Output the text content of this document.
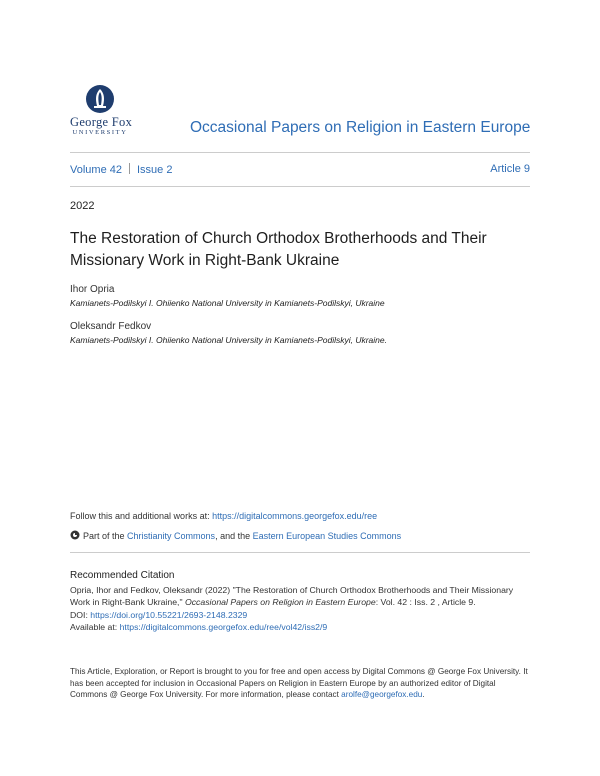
George Fox
UNIVERSITY	Occasional Papers on Religion in Eastern Europe
Volume 42 Issue 2	Article 9
2022
The Restoration of Church Orthodox Brotherhoods and Their Missionary Work in Right-Bank Ukraine
Ihor Opria
Kamianets-Podilskyi I. Ohiienko National University in Kamianets-Podilskyi, Ukraine
Oleksandr Fedkov
Kamianets-Podilskyi I. Ohiienko National University in Kamianets-Podilskyi, Ukraine.
Follow this and additional works at: https://digitalcommons.georgefox.edu/ree
Part of the Christianity Commons, and the Eastern European Studies Commons
Recommended Citation
Opria, Ihor and Fedkov, Oleksandr (2022) "The Restoration of Church Orthodox Brotherhoods and Their Missionary Work in Right-Bank Ukraine," Occasional Papers on Religion in Eastern Europe: Vol. 42 : Iss. 2 , Article 9.
DOI: https://doi.org/10.55221/2693-2148.2329
Available at: https://digitalcommons.georgefox.edu/ree/vol42/iss2/9
This Article, Exploration, or Report is brought to you for free and open access by Digital Commons @ George Fox University. It has been accepted for inclusion in Occasional Papers on Religion in Eastern Europe by an authorized editor of Digital Commons @ George Fox University. For more information, please contact arolfe@georgefox.edu.
